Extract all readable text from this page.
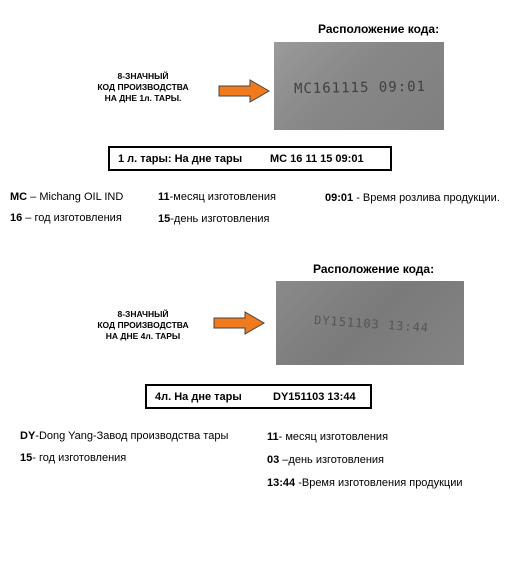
Расположение кода:
8-ЗНАЧНЫЙ
КОД ПРОИЗВОДСТВА
НА ДНЕ 1л. ТАРЫ.
MC161115 09:01
1 л. тары: На дне тары	MC 16 11 15 09:01
MC – Michang OIL IND
16 – год изготовления
11-месяц изготовления
15-день изготовления
09:01 - Время розлива продукции.
Расположение кода:
8-ЗНАЧНЫЙ
КОД ПРОИЗВОДСТВА
НА ДНЕ 4л. ТАРЫ
DY151103 13:44
4л. На дне тары	DY151103 13:44
DY-Dong Yang-Завод производства тары
15- год изготовления
11- месяц изготовления
03 –день изготовления
13:44 -Время изготовления продукции
